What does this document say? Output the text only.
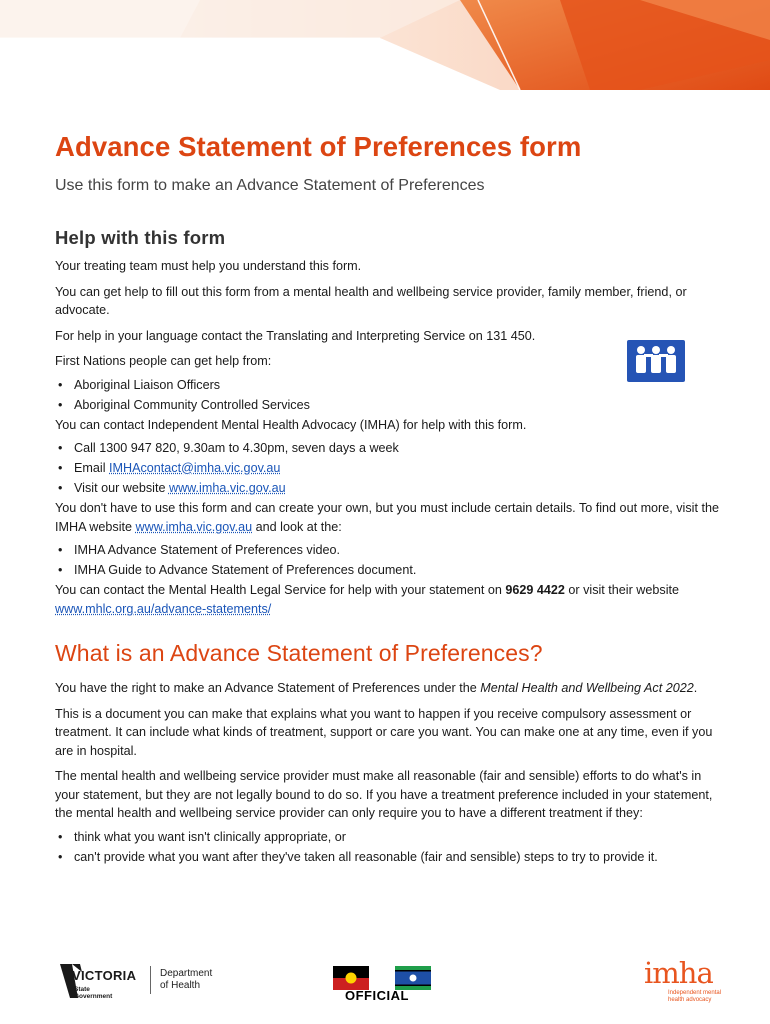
Advance Statement of Preferences form
Use this form to make an Advance Statement of Preferences
Help with this form

Your treating team must help you understand this form.

You can get help to fill out this form from a mental health and wellbeing service provider, family member, friend, or advocate.

For help in your language contact the Translating and Interpreting Service on 131 450.

First Nations people can get help from:

• Aboriginal Liaison Officers
• Aboriginal Community Controlled Services

You can contact Independent Mental Health Advocacy (IMHA) for help with this form.

• Call 1300 947 820, 9.30am to 4.30pm, seven days a week
• Email IMHAcontact@imha.vic.gov.au
• Visit our website www.imha.vic.gov.au

You don't have to use this form and can create your own, but you must include certain details. To find out more, visit the IMHA website www.imha.vic.gov.au and look at the:

• IMHA Advance Statement of Preferences video.
• IMHA Guide to Advance Statement of Preferences document.

You can contact the Mental Health Legal Service for help with your statement on 9629 4422 or visit their website www.mhlc.org.au/advance-statements/

What is an Advance Statement of Preferences?

You have the right to make an Advance Statement of Preferences under the Mental Health and Wellbeing Act 2022.

This is a document you can make that explains what you want to happen if you receive compulsory assessment or treatment. It can include what kinds of treatment, support or care you want. You can make one at any time, even if you are in hospital.

The mental health and wellbeing service provider must make all reasonable (fair and sensible) efforts to do what's in your statement, but they are not legally bound to do so. If you have a treatment preference included in your statement, the mental health and wellbeing service provider can only require you to have a different treatment if they:

• think what you want isn't clinically appropriate, or
• can't provide what you want after they've taken all reasonable (fair and sensible) steps to try to provide it.
VICTORIA
State
Government
Department
of Health
OFFICIAL
imha
Independent mental health advocacy
